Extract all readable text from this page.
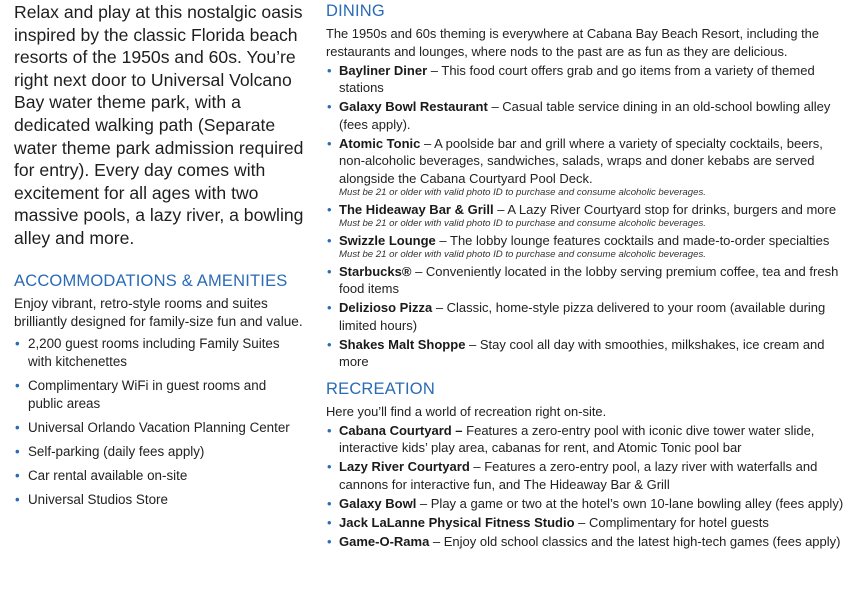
Relax and play at this nostalgic oasis inspired by the classic Florida beach resorts of the 1950s and 60s. You’re right next door to Universal Volcano Bay water theme park, with a dedicated walking path (Separate water theme park admission required for entry). Every day comes with excitement for all ages with two massive pools, a lazy river, a bowling alley and more.

ACCOMMODATIONS & AMENITIES

Enjoy vibrant, retro-style rooms and suites brilliantly designed for family-size fun and value.

• 2,200 guest rooms including Family Suites with kitchenettes
• Complimentary WiFi in guest rooms and public areas
• Universal Orlando Vacation Planning Center
• Self-parking (daily fees apply)
• Car rental available on-site
• Universal Studios Store
DINING

The 1950s and 60s theming is everywhere at Cabana Bay Beach Resort, including the restaurants and lounges, where nods to the past are as fun as they are delicious.

• Bayliner Diner – This food court offers grab and go items from a variety of themed stations
• Galaxy Bowl Restaurant – Casual table service dining in an old-school bowling alley (fees apply).
• Atomic Tonic – A poolside bar and grill where a variety of specialty cocktails, beers, non-alcoholic beverages, sandwiches, salads, wraps and doner kebabs are served alongside the Cabana Courtyard Pool Deck.
Must be 21 or older with valid photo ID to purchase and consume alcoholic beverages.
• The Hideaway Bar & Grill – A Lazy River Courtyard stop for drinks, burgers and more
Must be 21 or older with valid photo ID to purchase and consume alcoholic beverages.
• Swizzle Lounge – The lobby lounge features cocktails and made-to-order specialties
Must be 21 or older with valid photo ID to purchase and consume alcoholic beverages.
• Starbucks® – Conveniently located in the lobby serving premium coffee, tea and fresh food items
• Delizioso Pizza – Classic, home-style pizza delivered to your room (available during limited hours)
• Shakes Malt Shoppe – Stay cool all day with smoothies, milkshakes, ice cream and more
RECREATION

Here you’ll find a world of recreation right on-site.

• Cabana Courtyard – Features a zero-entry pool with iconic dive tower water slide, interactive kids’ play area, cabanas for rent, and Atomic Tonic pool bar
• Lazy River Courtyard – Features a zero-entry pool, a lazy river with waterfalls and cannons for interactive fun, and The Hideaway Bar & Grill
• Galaxy Bowl – Play a game or two at the hotel’s own 10-lane bowling alley (fees apply)
• Jack LaLanne Physical Fitness Studio – Complimentary for hotel guests
• Game-O-Rama – Enjoy old school classics and the latest high-tech games (fees apply)
